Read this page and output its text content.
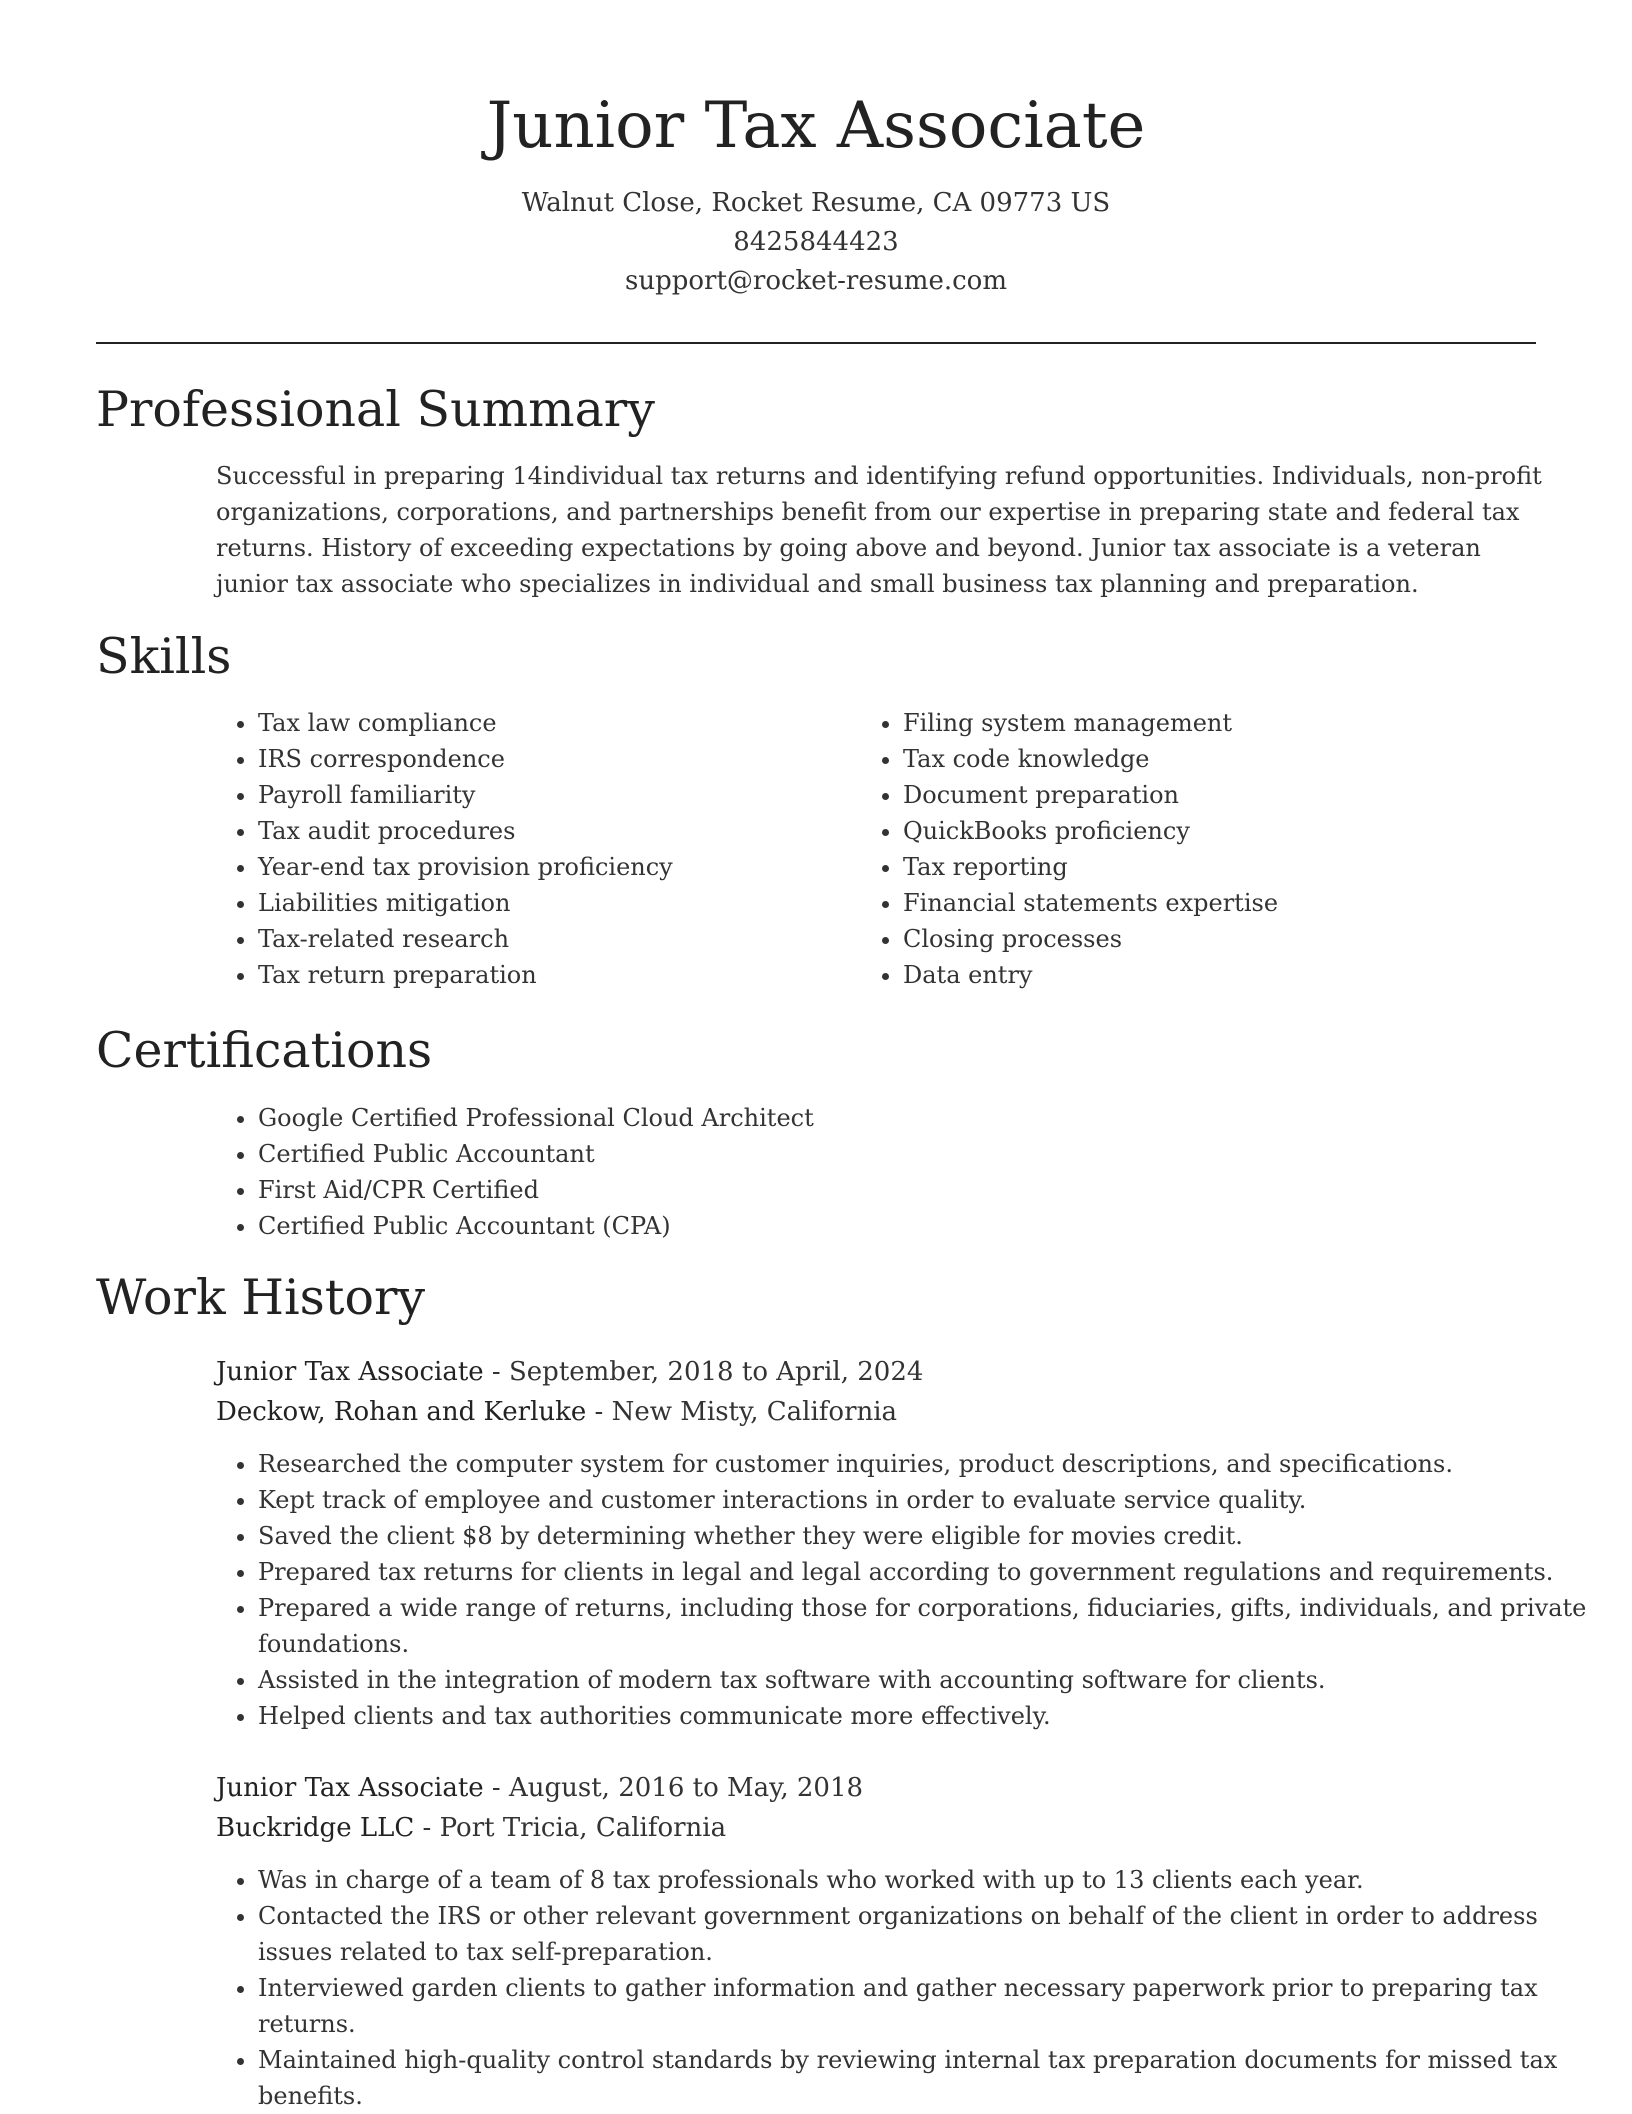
Junior Tax Associate
Walnut Close, Rocket Resume, CA 09773 US
8425844423
support@rocket-resume.com
Professional Summary

Successful in preparing 14individual tax returns and identifying refund opportunities. Individuals, non-profit organizations, corporations, and partnerships benefit from our expertise in preparing state and federal tax returns. History of exceeding expectations by going above and beyond. Junior tax associate is a veteran junior tax associate who specializes in individual and small business tax planning and preparation.

Skills
• Tax law compliance
• IRS correspondence
• Payroll familiarity
• Tax audit procedures
• Year-end tax provision proficiency
• Liabilities mitigation
• Tax-related research
• Tax return preparation
• Filing system management
• Tax code knowledge
• Document preparation
• QuickBooks proficiency
• Tax reporting
• Financial statements expertise
• Closing processes
• Data entry
Certifications
• Google Certified Professional Cloud Architect
• Certified Public Accountant
• First Aid/CPR Certified
• Certified Public Accountant (CPA)
Work History
Junior Tax Associate - September, 2018 to April, 2024
Deckow, Rohan and Kerluke - New Misty, California
• Researched the computer system for customer inquiries, product descriptions, and specifications.
• Kept track of employee and customer interactions in order to evaluate service quality.
• Saved the client $8 by determining whether they were eligible for movies credit.
• Prepared tax returns for clients in legal and legal according to government regulations and requirements.
• Prepared a wide range of returns, including those for corporations, fiduciaries, gifts, individuals, and private foundations.
• Assisted in the integration of modern tax software with accounting software for clients.
• Helped clients and tax authorities communicate more effectively.
Junior Tax Associate - August, 2016 to May, 2018
Buckridge LLC - Port Tricia, California
• Was in charge of a team of 8 tax professionals who worked with up to 13 clients each year.
• Contacted the IRS or other relevant government organizations on behalf of the client in order to address issues related to tax self-preparation.
• Interviewed garden clients to gather information and gather necessary paperwork prior to preparing tax returns.
• Maintained high-quality control standards by reviewing internal tax preparation documents for missed tax benefits.
